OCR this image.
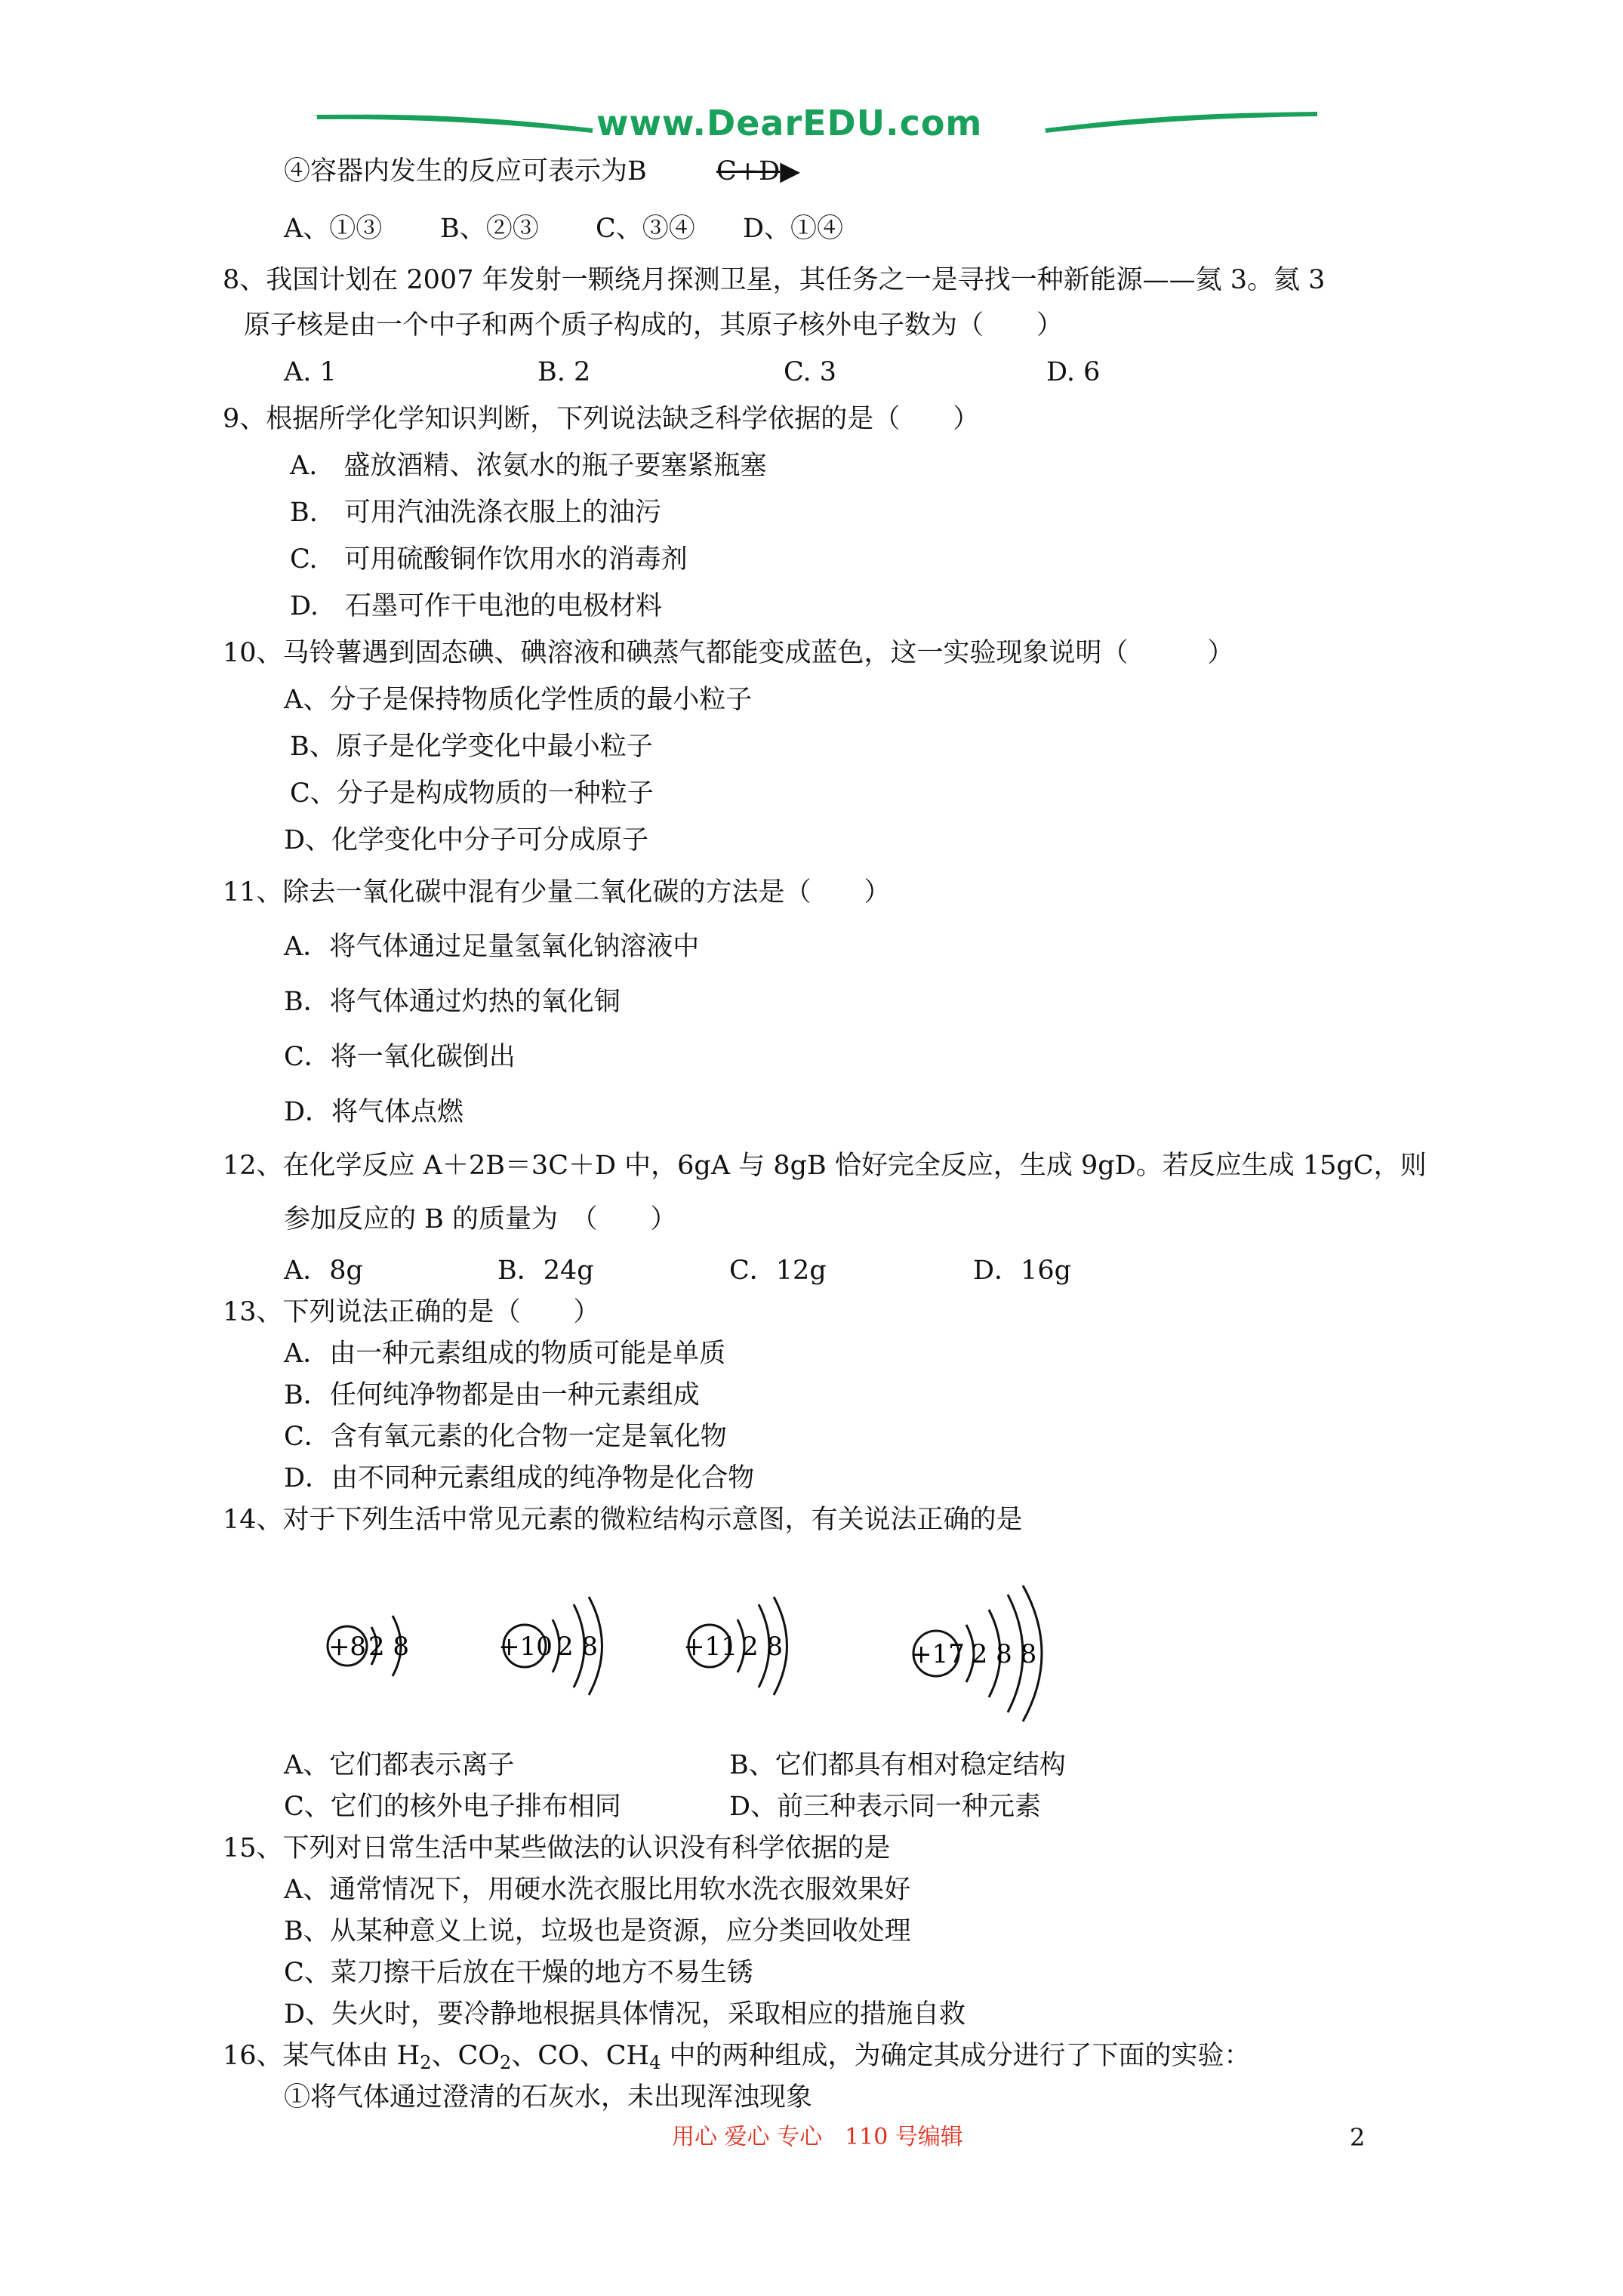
www.DearEDU.com
④容器内发生的反应可表示为B	C+D▶
A、①③ B、②③ C、③④ D、①④
8、我国计划在 2007 年发射一颗绕月探测卫星，其任务之一是寻找一种新能源——氦 3。氦 3
原子核是由一个中子和两个质子构成的，其原子核外电子数为（　　）
A. 1	B. 2	C. 3	D. 6
9、根据所学化学知识判断，下列说法缺乏科学依据的是（　　）
A.　盛放酒精、浓氨水的瓶子要塞紧瓶塞
B.　可用汽油洗涤衣服上的油污
C.　可用硫酸铜作饮用水的消毒剂
D.　石墨可作干电池的电极材料
10、马铃薯遇到固态碘、碘溶液和碘蒸气都能变成蓝色，这一实验现象说明（　　　）
A、分子是保持物质化学性质的最小粒子
B、原子是化学变化中最小粒子
C、分子是构成物质的一种粒子
D、化学变化中分子可分成原子
11、除去一氧化碳中混有少量二氧化碳的方法是（　　）
A．将气体通过足量氢氧化钠溶液中
B．将气体通过灼热的氧化铜
C．将一氧化碳倒出
D．将气体点燃
12、在化学反应 A＋2B＝3C＋D 中，6gA 与 8gB 恰好完全反应，生成 9gD。若反应生成 15gC，则
参加反应的 B 的质量为　（　　）
A．8g	B．24g	C．12g	D．16g
13、下列说法正确的是（　　）
A．由一种元素组成的物质可能是单质
B．任何纯净物都是由一种元素组成
C．含有氧元素的化合物一定是氧化物
D．由不同种元素组成的纯净物是化合物
14、对于下列生活中常见元素的微粒结构示意图，有关说法正确的是
+8 2 8	+10 2 8	+11 2 8	+17 2 8 8
A、它们都表示离子	B、它们都具有相对稳定结构
C、它们的核外电子排布相同	D、前三种表示同一种元素
15、下列对日常生活中某些做法的认识没有科学依据的是
A、通常情况下，用硬水洗衣服比用软水洗衣服效果好
B、从某种意义上说，垃圾也是资源，应分类回收处理
C、菜刀擦干后放在干燥的地方不易生锈
D、失火时，要冷静地根据具体情况，采取相应的措施自救
16、某气体由 $H_2$、$CO_2$、CO、$CH_4$ 中的两种组成，为确定其成分进行了下面的实验：
①将气体通过澄清的石灰水，未出现浑浊现象
用心 爱心 专心　110 号编辑	2
